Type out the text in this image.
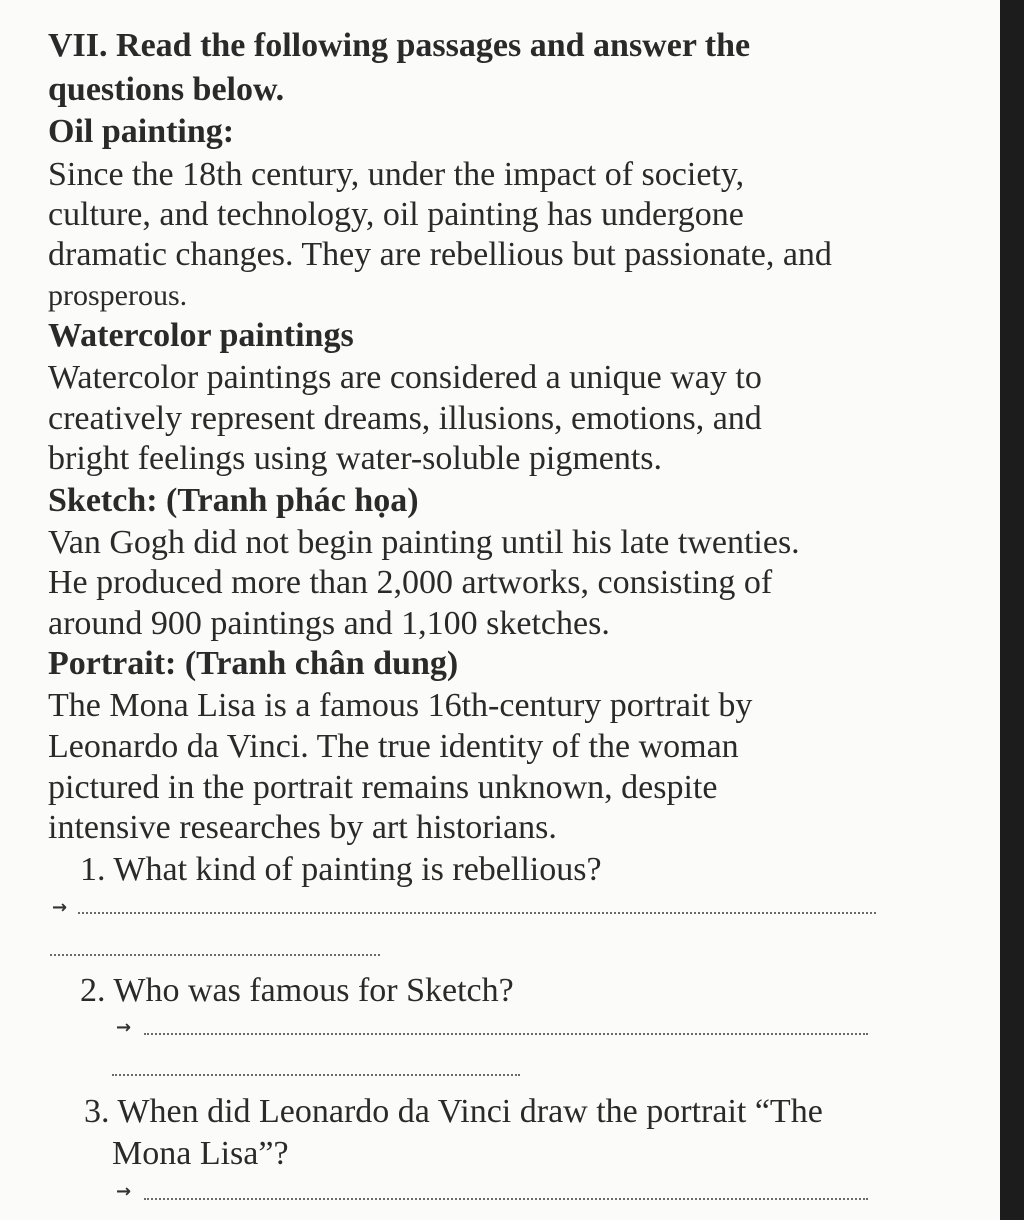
VII. Read the following passages and answer the
questions below.
Oil painting:
Since the 18th century, under the impact of society,
culture, and technology, oil painting has undergone
dramatic changes. They are rebellious but passionate, and
prosperous.
Watercolor paintings
Watercolor paintings are considered a unique way to
creatively represent dreams, illusions, emotions, and
bright feelings using water-soluble pigments.
Sketch: (Tranh phác họa)
Van Gogh did not begin painting until his late twenties.
He produced more than 2,000 artworks, consisting of
around 900 paintings and 1,100 sketches.
Portrait: (Tranh chân dung)
The Mona Lisa is a famous 16th-century portrait by
Leonardo da Vinci. The true identity of the woman
pictured in the portrait remains unknown, despite
intensive researches by art historians.
1. What kind of painting is rebellious?
→
2. Who was famous for Sketch?
→
3. When did Leonardo da Vinci draw the portrait “The
Mona Lisa”?
→
